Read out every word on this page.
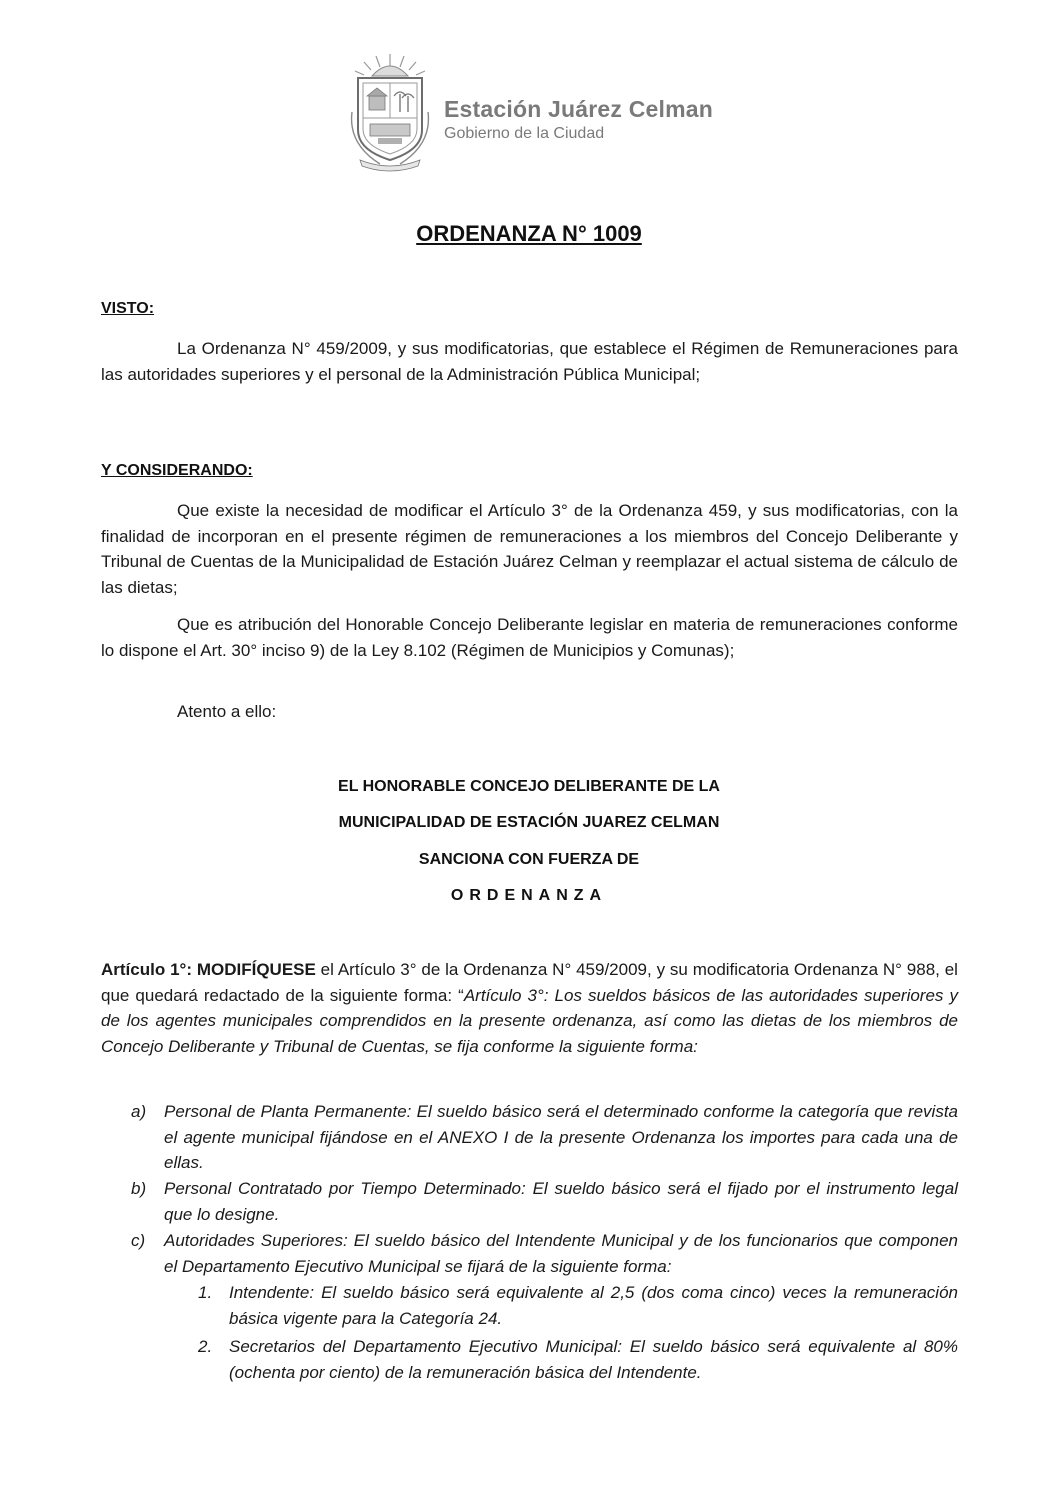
Estación Juárez Celman
Gobierno de la Ciudad
ORDENANZA N° 1009
VISTO:
La Ordenanza N° 459/2009, y sus modificatorias, que establece el Régimen de Remuneraciones para las autoridades superiores y el personal de la Administración Pública Municipal;
Y CONSIDERANDO:
Que existe la necesidad de modificar el Artículo 3° de la Ordenanza 459, y sus modificatorias, con la finalidad de incorporan en el presente régimen de remuneraciones a los miembros del Concejo Deliberante y Tribunal de Cuentas de la Municipalidad de Estación Juárez Celman y reemplazar el actual sistema de cálculo de las dietas;
Que es atribución del Honorable Concejo Deliberante legislar en materia de remuneraciones conforme lo dispone el Art. 30° inciso 9) de la Ley 8.102 (Régimen de Municipios y Comunas);
Atento a ello:
EL HONORABLE CONCEJO DELIBERANTE DE LA
MUNICIPALIDAD DE ESTACIÓN JUAREZ CELMAN
SANCIONA CON FUERZA DE
ORDENANZA
Artículo 1°: MODIFÍQUESE el Artículo 3° de la Ordenanza N° 459/2009, y su modificatoria Ordenanza N° 988, el que quedará redactado de la siguiente forma: “Artículo 3°: Los sueldos básicos de las autoridades superiores y de los agentes municipales comprendidos en la presente ordenanza, así como las dietas de los miembros de Concejo Deliberante y Tribunal de Cuentas, se fija conforme la siguiente forma:
a) Personal de Planta Permanente: El sueldo básico será el determinado conforme la categoría que revista el agente municipal fijándose en el ANEXO I de la presente Ordenanza los importes para cada una de ellas.
b) Personal Contratado por Tiempo Determinado: El sueldo básico será el fijado por el instrumento legal que lo designe.
c) Autoridades Superiores: El sueldo básico del Intendente Municipal y de los funcionarios que componen el Departamento Ejecutivo Municipal se fijará de la siguiente forma:
1. Intendente: El sueldo básico será equivalente al 2,5 (dos coma cinco) veces la remuneración básica vigente para la Categoría 24.
2. Secretarios del Departamento Ejecutivo Municipal: El sueldo básico será equivalente al 80% (ochenta por ciento) de la remuneración básica del Intendente.
